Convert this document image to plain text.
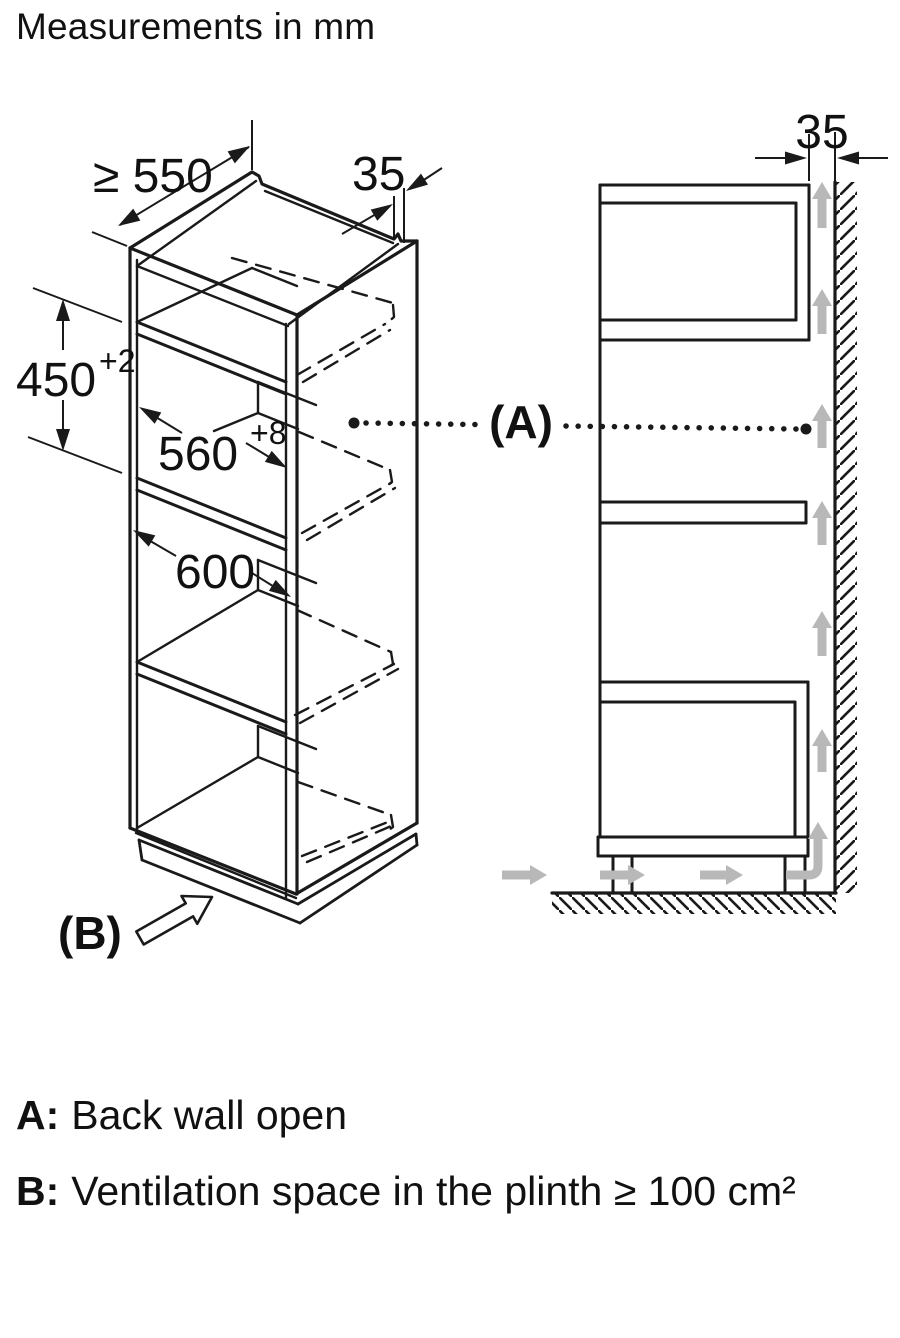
Measurements in mm
≥ 550	35
450 +2
560 +8
600
(B)
35
(A)
A: Back wall open
B: Ventilation space in the plinth ≥ 100 cm²
